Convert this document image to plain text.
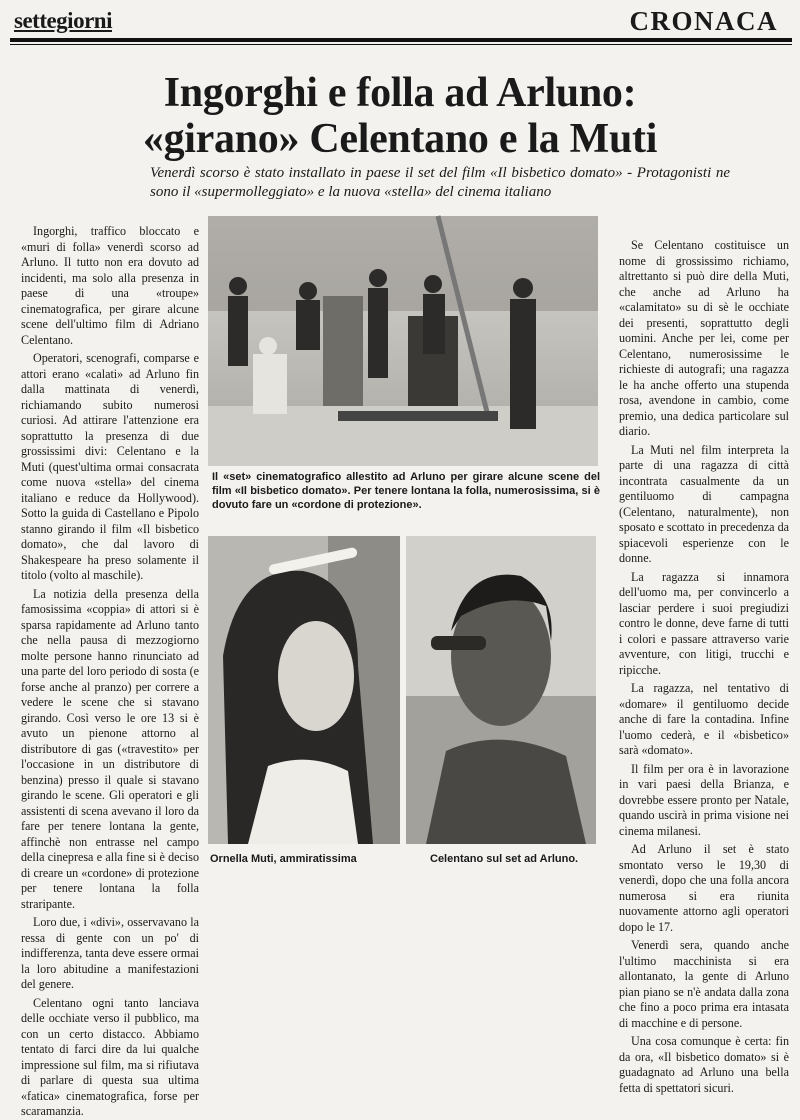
settegiorni	CRONACA
Ingorghi e folla ad Arluno:
«girano» Celentano e la Muti
Venerdì scorso è stato installato in paese il set del film «Il bisbetico domato» - Protagonisti ne sono il «supermolleggiato» e la nuova «stella» del cinema italiano

Ingorghi, traffico bloccato e «muri di folla» venerdì scorso ad Arluno. Il tutto non era dovuto ad incidenti, ma solo alla presenza in paese di una «troupe» cinematografica, per girare alcune scene dell'ultimo film di Adriano Celentano.

Operatori, scenografi, comparse e attori erano «calati» ad Arluno fin dalla mattinata di venerdì, richiamando subito numerosi curiosi. Ad attirare l'attenzione era soprattutto la presenza di due grossissimi divi: Celentano e la Muti (quest'ultima ormai consacrata come nuova «stella» del cinema italiano e reduce da Hollywood). Sotto la guida di Castellano e Pipolo stanno girando il film «Il bisbetico domato», che dal lavoro di Shakespeare ha preso solamente il titolo (volto al maschile).

La notizia della presenza della famosissima «coppia» di attori si è sparsa rapidamente ad Arluno tanto che nella pausa di mezzogiorno molte persone hanno rinunciato ad una parte del loro periodo di sosta (e forse anche al pranzo) per correre a vedere le scene che si stavano girando. Così verso le ore 13 si è avuto un pienone attorno al distributore di gas («travestito» per l'occasione in un distributore di benzina) presso il quale si stavano girando le scene. Gli operatori e gli assistenti di scena avevano il loro da fare per tenere lontana la gente, affinchè non entrasse nel campo della cinepresa e alla fine si è deciso di creare un «cordone» di protezione per tenere lontana la folla straripante.

Loro due, i «divi», osservavano la ressa di gente con un po' di indifferenza, tanta deve essere ormai la loro abitudine a manifestazioni del genere.

Celentano ogni tanto lanciava delle occhiate verso il pubblico, ma con un certo distacco. Abbiamo tentato di farci dire da lui qualche impressione sul film, ma si rifiutava di parlare di questa sua ultima «fatica» cinematografica, forse per scaramanzia.

Il «set» cinematografico allestito ad Arluno per girare alcune scene del film «Il bisbetico domato». Per tenere lontana la folla, numerosissima, si è dovuto fare un «cordone di protezione».
Ornella Muti, ammiratissima	Celentano sul set ad Arluno.

Se Celentano costituisce un nome di grossissimo richiamo, altrettanto si può dire della Muti, che anche ad Arluno ha «calamitato» su di sè le occhiate dei presenti, soprattutto degli uomini. Anche per lei, come per Celentano, numerosissime le richieste di autografi; una ragazza le ha anche offerto una stupenda rosa, avendone in cambio, come premio, una dedica particolare sul diario.

La Muti nel film interpreta la parte di una ragazza di città incontrata casualmente da un gentiluomo di campagna (Celentano, naturalmente), non sposato e scottato in precedenza da spiacevoli esperienze con le donne.

La ragazza si innamora dell'uomo ma, per convincerlo a lasciar perdere i suoi pregiudizi contro le donne, deve farne di tutti i colori e passare attraverso varie avventure, con litigi, trucchi e ripicche.

La ragazza, nel tentativo di «domare» il gentiluomo decide anche di fare la contadina. Infine l'uomo cederà, e il «bisbetico» sarà «domato».

Il film per ora è in lavorazione in vari paesi della Brianza, e dovrebbe essere pronto per Natale, quando uscirà in prima visione nei cinema milanesi.

Ad Arluno il set è stato smontato verso le 19,30 di venerdì, dopo che una folla ancora numerosa si era riunita nuovamente attorno agli operatori dopo le 17.

Venerdì sera, quando anche l'ultimo macchinista si era allontanato, la gente di Arluno pian piano se n'è andata dalla zona che fino a poco prima era intasata di macchine e di persone.

Una cosa comunque è certa: fin da ora, «Il bisbetico domato» si è guadagnato ad Arluno una bella fetta di spettatori sicuri.
